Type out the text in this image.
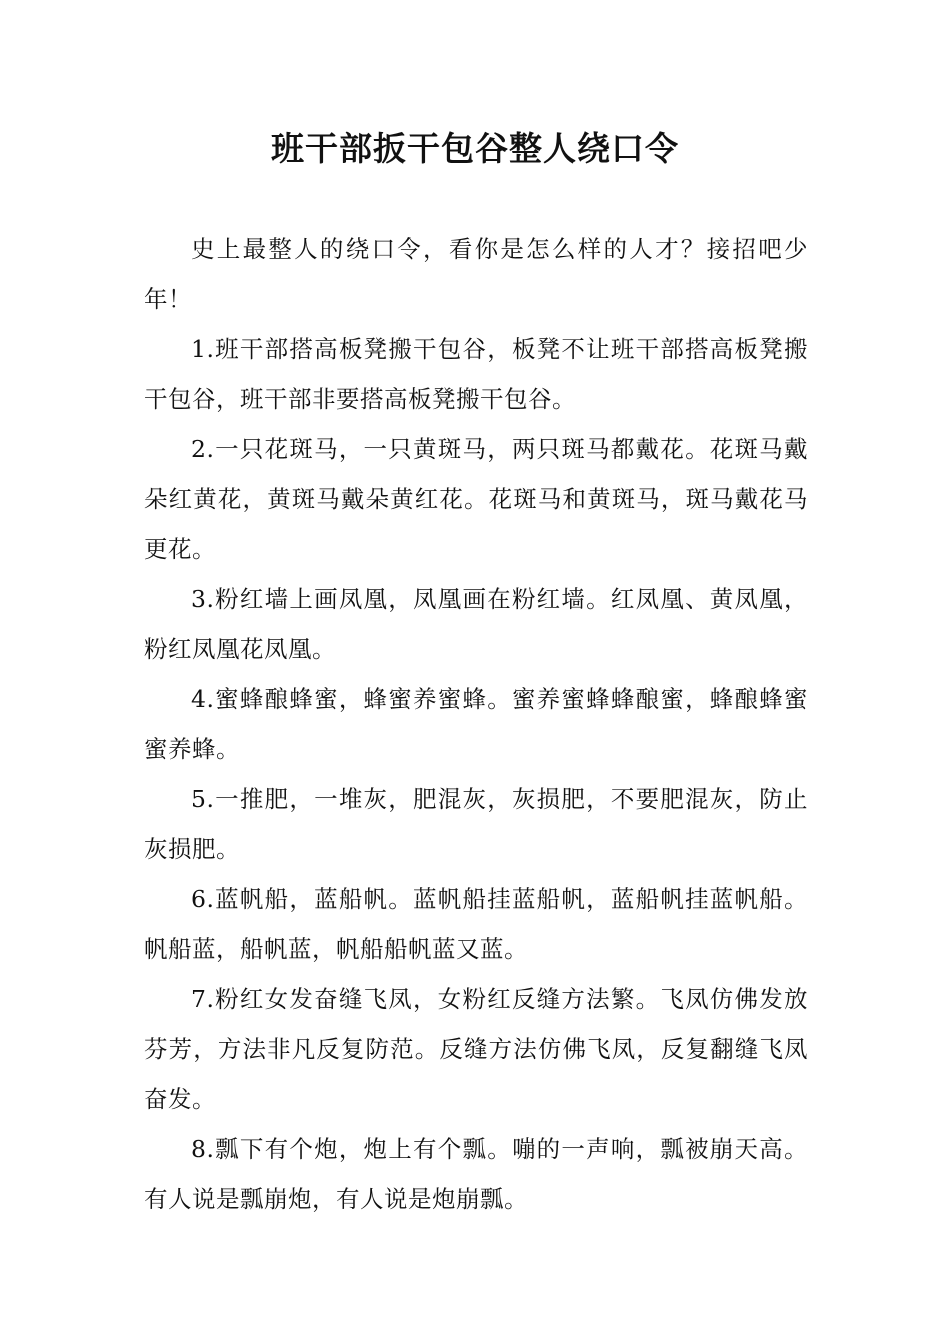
班干部扳干包谷整人绕口令

史上最整人的绕口令，看你是怎么样的人才？接招吧少年！

1.班干部搭高板凳搬干包谷，板凳不让班干部搭高板凳搬干包谷，班干部非要搭高板凳搬干包谷。

2.一只花斑马，一只黄斑马，两只斑马都戴花。花斑马戴朵红黄花，黄斑马戴朵黄红花。花斑马和黄斑马，斑马戴花马更花。

3.粉红墙上画凤凰，凤凰画在粉红墙。红凤凰、黄凤凰，粉红凤凰花凤凰。

4.蜜蜂酿蜂蜜，蜂蜜养蜜蜂。蜜养蜜蜂蜂酿蜜，蜂酿蜂蜜蜜养蜂。

5.一推肥，一堆灰，肥混灰，灰损肥，不要肥混灰，防止灰损肥。

6.蓝帆船，蓝船帆。蓝帆船挂蓝船帆，蓝船帆挂蓝帆船。帆船蓝，船帆蓝，帆船船帆蓝又蓝。

7.粉红女发奋缝飞凤，女粉红反缝方法繁。飞凤仿佛发放芬芳，方法非凡反复防范。反缝方法仿佛飞凤，反复翻缝飞凤奋发。

8.瓢下有个炮，炮上有个瓢。嘣的一声响，瓢被崩天高。有人说是瓢崩炮，有人说是炮崩瓢。
